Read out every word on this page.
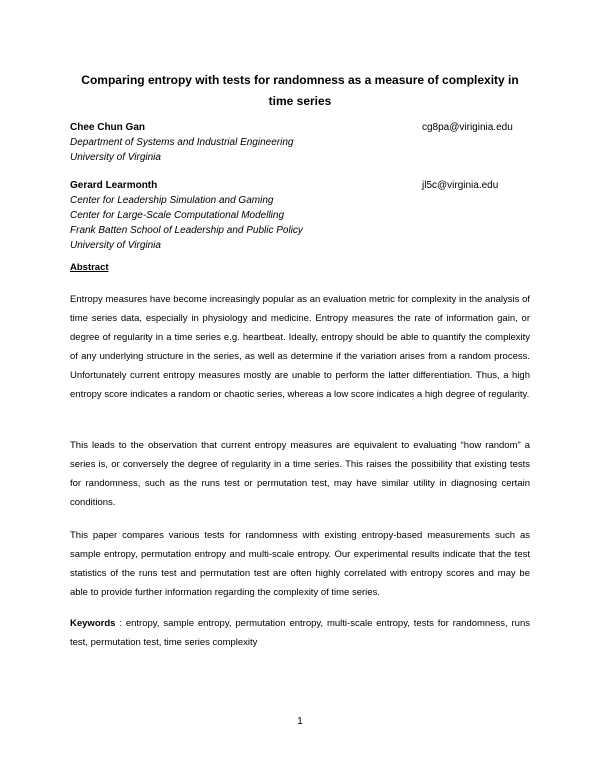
Comparing entropy with tests for randomness as a measure of complexity in time series
Chee Chun Gan	cg8pa@viriginia.edu
Department of Systems and Industrial Engineering
University of Virginia
Gerard Learmonth	jl5c@virginia.edu
Center for Leadership Simulation and Gaming
Center for Large-Scale Computational Modelling
Frank Batten School of Leadership and Public Policy
University of Virginia
Abstract
Entropy measures have become increasingly popular as an evaluation metric for complexity in the analysis of time series data, especially in physiology and medicine. Entropy measures the rate of information gain, or degree of regularity in a time series e.g. heartbeat. Ideally, entropy should be able to quantify the complexity of any underlying structure in the series, as well as determine if the variation arises from a random process. Unfortunately current entropy measures mostly are unable to perform the latter differentiation. Thus, a high entropy score indicates a random or chaotic series, whereas a low score indicates a high degree of regularity.
This leads to the observation that current entropy measures are equivalent to evaluating “how random” a series is, or conversely the degree of regularity in a time series. This raises the possibility that existing tests for randomness, such as the runs test or permutation test, may have similar utility in diagnosing certain conditions.
This paper compares various tests for randomness with existing entropy-based measurements such as sample entropy, permutation entropy and multi-scale entropy. Our experimental results indicate that the test statistics of the runs test and permutation test are often highly correlated with entropy scores and may be able to provide further information regarding the complexity of time series.
Keywords : entropy, sample entropy, permutation entropy, multi-scale entropy, tests for randomness, runs test, permutation test, time series complexity
1
